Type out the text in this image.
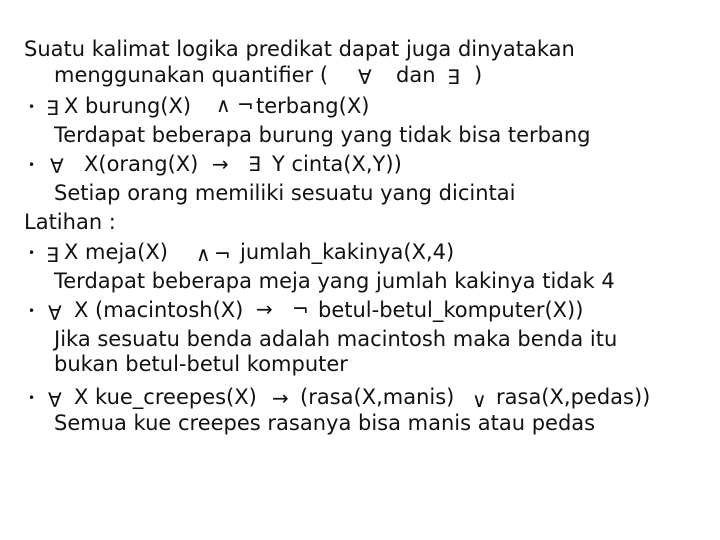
Suatu kalimat logika predikat dapat juga dinyatakan
menggunakan quantifier ( ∀ dan ∃ )
• ∃ X burung(X) ∧ ¬ terbang(X)
Terdapat beberapa burung yang tidak bisa terbang
• ∀ X(orang(X) → ∃ Y cinta(X,Y))
Setiap orang memiliki sesuatu yang dicintai
Latihan :
• ∃ X meja(X) ∧ ¬ jumlah_kakinya(X,4)
Terdapat beberapa meja yang jumlah kakinya tidak 4
• ∀ X (macintosh(X) → ¬ betul-betul_komputer(X))
Jika sesuatu benda adalah macintosh maka benda itu
bukan betul-betul komputer
• ∀ X kue_creepes(X) → (rasa(X,manis) ∨ rasa(X,pedas))
Semua kue creepes rasanya bisa manis atau pedas
